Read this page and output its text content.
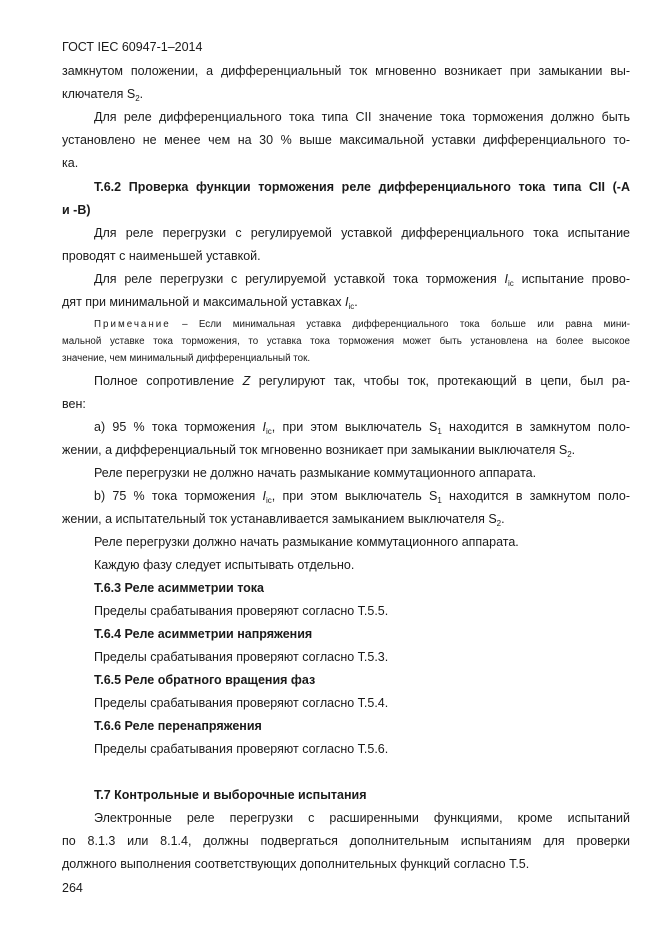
ГОСТ IEC 60947-1–2014
замкнутом положении, а дифференциальный ток мгновенно возникает при замыкании вы-
ключателя $S_2$.
Для реле дифференциального тока типа CII значение тока торможения должно быть
установлено не менее чем на 30 % выше максимальной уставки дифференциального то-
ка.
Т.6.2 Проверка функции торможения реле дифференциального тока типа CII (-A
и -B)
Для реле перегрузки с регулируемой уставкой дифференциального тока испытание
проводят с наименьшей уставкой.
Для реле перегрузки с регулируемой уставкой тока торможения $I_{ic}$ испытание прово-
дят при минимальной и максимальной уставках $I_{ic}$.
Примечание – Если минимальная уставка дифференциального тока больше или равна мини-
мальной уставке тока торможения, то уставка тока торможения может быть установлена на более высокое
значение, чем минимальный дифференциальный ток.
Полное сопротивление Z регулируют так, чтобы ток, протекающий в цепи, был ра-
вен:
a) 95 % тока торможения $I_{ic}$, при этом выключатель $S_1$ находится в замкнутом поло-
жении, а дифференциальный ток мгновенно возникает при замыкании выключателя $S_2$.
Реле перегрузки не должно начать размыкание коммутационного аппарата.
b) 75 % тока торможения $I_{ic}$, при этом выключатель $S_1$ находится в замкнутом поло-
жении, а испытательный ток устанавливается замыканием выключателя $S_2$.
Реле перегрузки должно начать размыкание коммутационного аппарата.
Каждую фазу следует испытывать отдельно.
Т.6.3 Реле асимметрии тока
Пределы срабатывания проверяют согласно Т.5.5.
Т.6.4 Реле асимметрии напряжения
Пределы срабатывания проверяют согласно Т.5.3.
Т.6.5 Реле обратного вращения фаз
Пределы срабатывания проверяют согласно Т.5.4.
Т.6.6 Реле перенапряжения
Пределы срабатывания проверяют согласно Т.5.6.
Т.7 Контрольные и выборочные испытания
Электронные реле перегрузки с расширенными функциями, кроме испытаний
по 8.1.3 или 8.1.4, должны подвергаться дополнительным испытаниям для проверки
должного выполнения соответствующих дополнительных функций согласно Т.5.
264
